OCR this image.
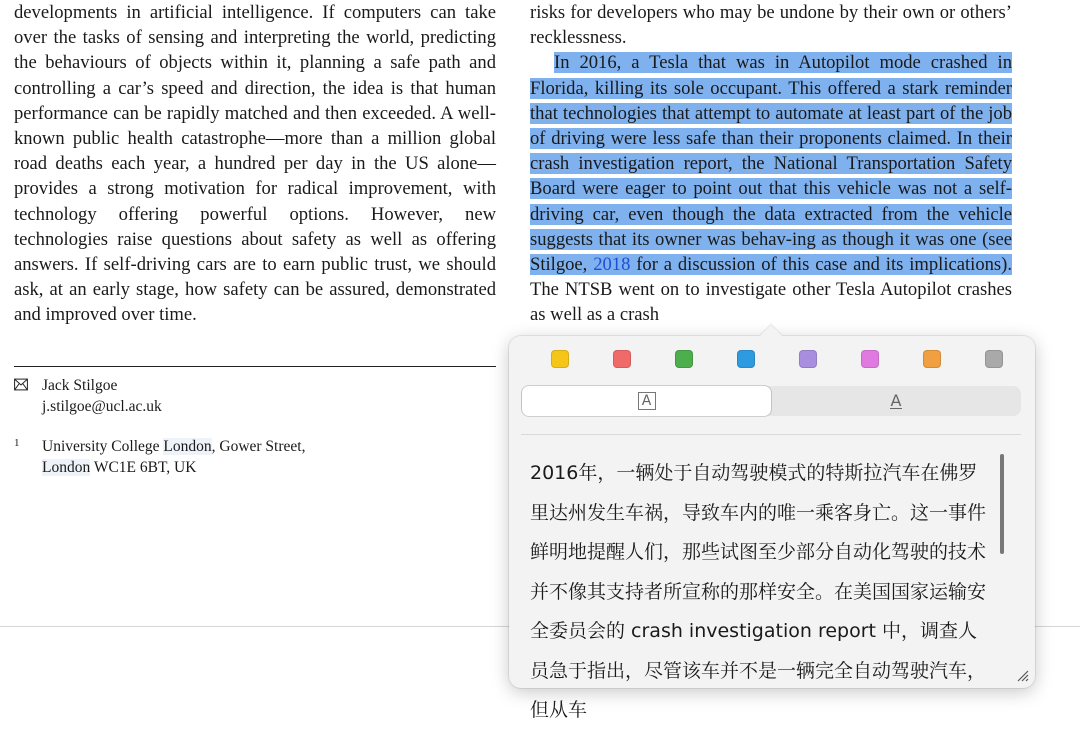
developments in artificial intelligence. If computers can take over the tasks of sensing and interpreting the world, predicting the behaviours of objects within it, planning a safe path and controlling a car’s speed and direction, the idea is that human performance can be rapidly matched and then exceeded. A well-known public health catastrophe—more than a million global road deaths each year, a hundred per day in the US alone—provides a strong motivation for radical improvement, with technology offering powerful options. However, new technologies raise questions about safety as well as offering answers. If self-driving cars are to earn public trust, we should ask, at an early stage, how safety can be assured, demonstrated and improved over time.

risks for developers who may be undone by their own or others’ recklessness.

In 2016, a Tesla that was in Autopilot mode crashed in Florida, killing its sole occupant. This offered a stark reminder that technologies that attempt to automate at least part of the job of driving were less safe than their proponents claimed. In their crash investigation report, the National Transportation Safety Board were eager to point out that this vehicle was not a self-driving car, even though the data extracted from the vehicle suggests that its owner was behav-ing as though it was one (see Stilgoe, 2018 for a discussion of this case and its implications). The NTSB went on to investigate other Tesla Autopilot crashes as well as a crash

Jack Stilgoe
j.stilgoe@ucl.ac.uk
1 University College London, Gower Street,
London WC1E 6BT, UK
A	A
2016年，一辆处于自动驾驶模式的特斯拉汽车在佛罗里达州发生车祸，导致车内的唯一乘客身亡。这一事件鲜明地提醒人们，那些试图至少部分自动化驾驶的技术并不像其支持者所宣称的那样安全。在美国国家运输安全委员会的 crash investigation report 中，调查人员急于指出，尽管该车并不是一辆完全自动驾驶汽车，但从车
